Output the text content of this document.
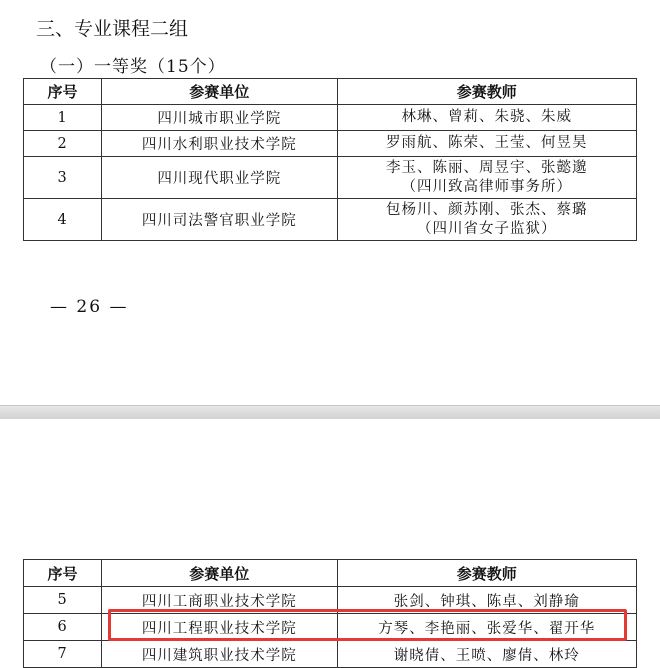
三、专业课程二组
（一）一等奖（15个）
序号	参赛单位	参赛教师
1	四川城市职业学院	林琳、曾莉、朱骁、朱威

2	四川水利职业技术学院	罗雨航、陈荣、王莹、何昱昊

3	四川现代职业学院	李玉、陈丽、周昱宇、张懿邈
（四川致高律师事务所）

4	四川司法警官职业学院	包杨川、颜苏刚、张杰、蔡璐
（四川省女子监狱）
— 26 —
序号	参赛单位	参赛教师
5	四川工商职业技术学院	张剑、钟琪、陈卓、刘静瑜
6	四川工程职业技术学院	方琴、李艳丽、张爱华、翟开华
7	四川建筑职业技术学院	谢晓倩、王喷、廖倩、林玲
